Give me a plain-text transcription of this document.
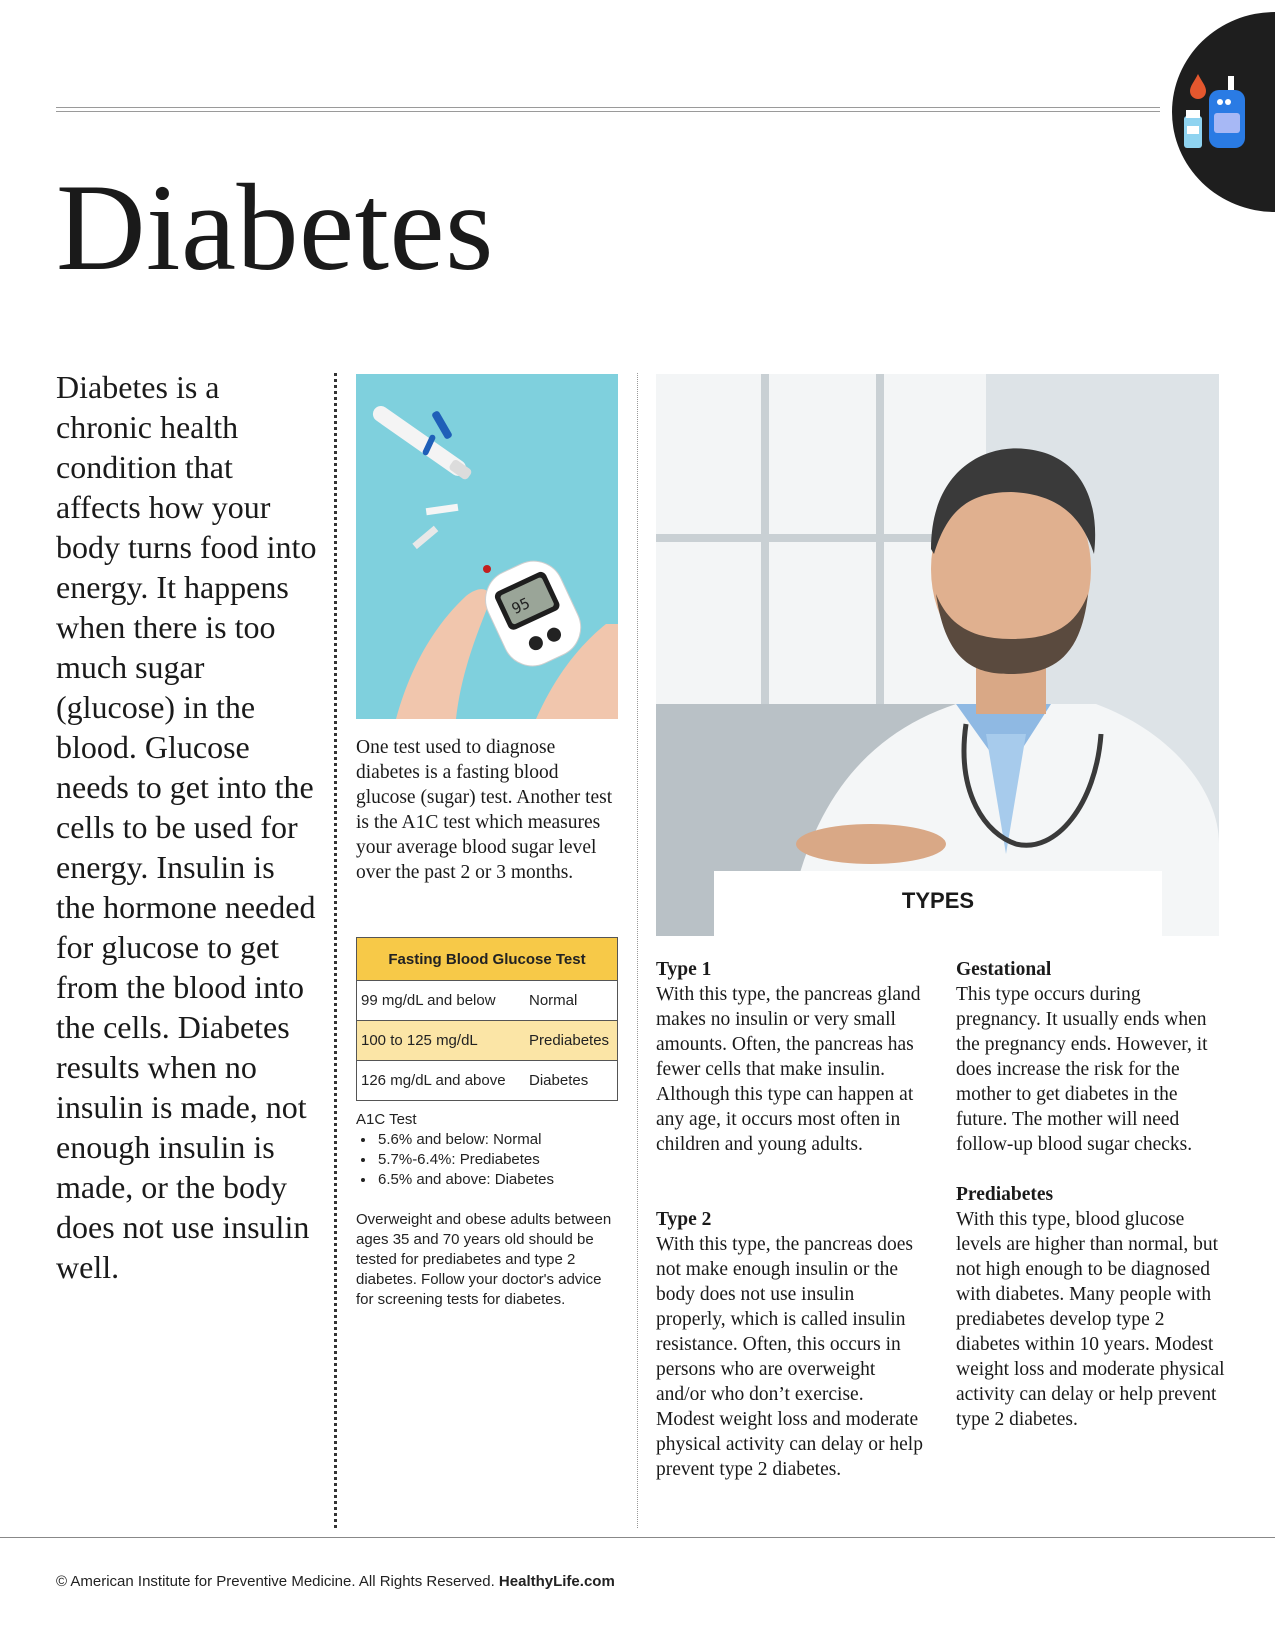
Diabetes

Diabetes is a chronic health condition that affects how your body turns food into energy. It happens when there is too much sugar (glucose) in the blood. Glucose needs to get into the cells to be used for energy. Insulin is the hormone needed for glucose to get from the blood into the cells. Diabetes results when no insulin is made, not enough insulin is made, or the body does not use insulin well.

95

One test used to diagnose diabetes is a fasting blood glucose (sugar) test. Another test is the A1C test which measures your average blood sugar level over the past 2 or 3 months.

Fasting Blood Glucose Test	
99 mg/dL and below	Normal
100 to 125 mg/dL	Prediabetes
126 mg/dL and above	Diabetes
A1C Test
• 5.6% and below: Normal
• 5.7%-6.4%: Prediabetes
• 6.5% and above: Diabetes

Overweight and obese adults between ages 35 and 70 years old should be tested for prediabetes and type 2 diabetes. Follow your doctor's advice for screening tests for diabetes.

TYPES
Type 1

With this type, the pancreas gland makes no insulin or very small amounts. Often, the pancreas has fewer cells that make insulin. Although this type can happen at any age, it occurs most often in children and young adults.

Type 2

With this type, the pancreas does not make enough insulin or the body does not use insulin properly, which is called insulin resistance. Often, this occurs in persons who are overweight and/or who don’t exercise. Modest weight loss and moderate physical activity can delay or help prevent type 2 diabetes.

Gestational

This type occurs during pregnancy. It usually ends when the pregnancy ends. However, it does increase the risk for the mother to get diabetes in the future. The mother will need follow-up blood sugar checks.

Prediabetes

With this type, blood glucose levels are higher than normal, but not high enough to be diagnosed with diabetes. Many people with prediabetes develop type 2 diabetes within 10 years. Modest weight loss and moderate physical activity can delay or help prevent type 2 diabetes.

© American Institute for Preventive Medicine. All Rights Reserved. HealthyLife.com
